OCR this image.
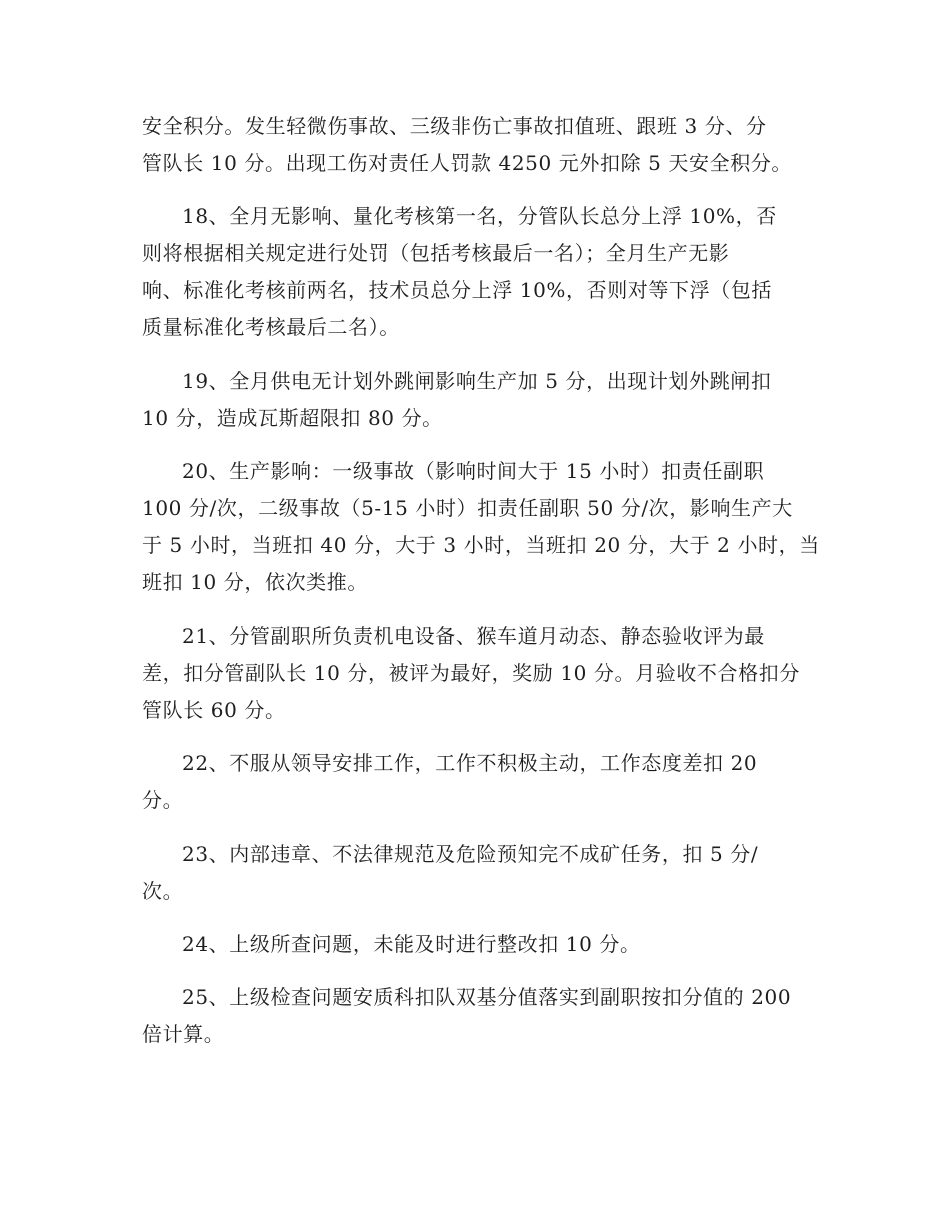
安全积分。发生轻微伤事故、三级非伤亡事故扣值班、跟班 3 分、分
管队长 10 分。出现工伤对责任人罚款 4250 元外扣除 5 天安全积分。
18、全月无影响、量化考核第一名，分管队长总分上浮 10%，否
则将根据相关规定进行处罚（包括考核最后一名）；全月生产无影
响、标准化考核前两名，技术员总分上浮 10%，否则对等下浮（包括
质量标准化考核最后二名）。
19、全月供电无计划外跳闸影响生产加 5 分，出现计划外跳闸扣
10 分，造成瓦斯超限扣 80 分。
20、生产影响：一级事故（影响时间大于 15 小时）扣责任副职
100 分/次，二级事故（5-15 小时）扣责任副职 50 分/次，影响生产大
于 5 小时，当班扣 40 分，大于 3 小时，当班扣 20 分，大于 2 小时，当
班扣 10 分，依次类推。
21、分管副职所负责机电设备、猴车道月动态、静态验收评为最
差，扣分管副队长 10 分，被评为最好，奖励 10 分。月验收不合格扣分
管队长 60 分。
22、不服从领导安排工作，工作不积极主动，工作态度差扣 20
分。
23、内部违章、不法律规范及危险预知完不成矿任务，扣 5 分/
次。
24、上级所查问题，未能及时进行整改扣 10 分。
25、上级检查问题安质科扣队双基分值落实到副职按扣分值的 200
倍计算。
